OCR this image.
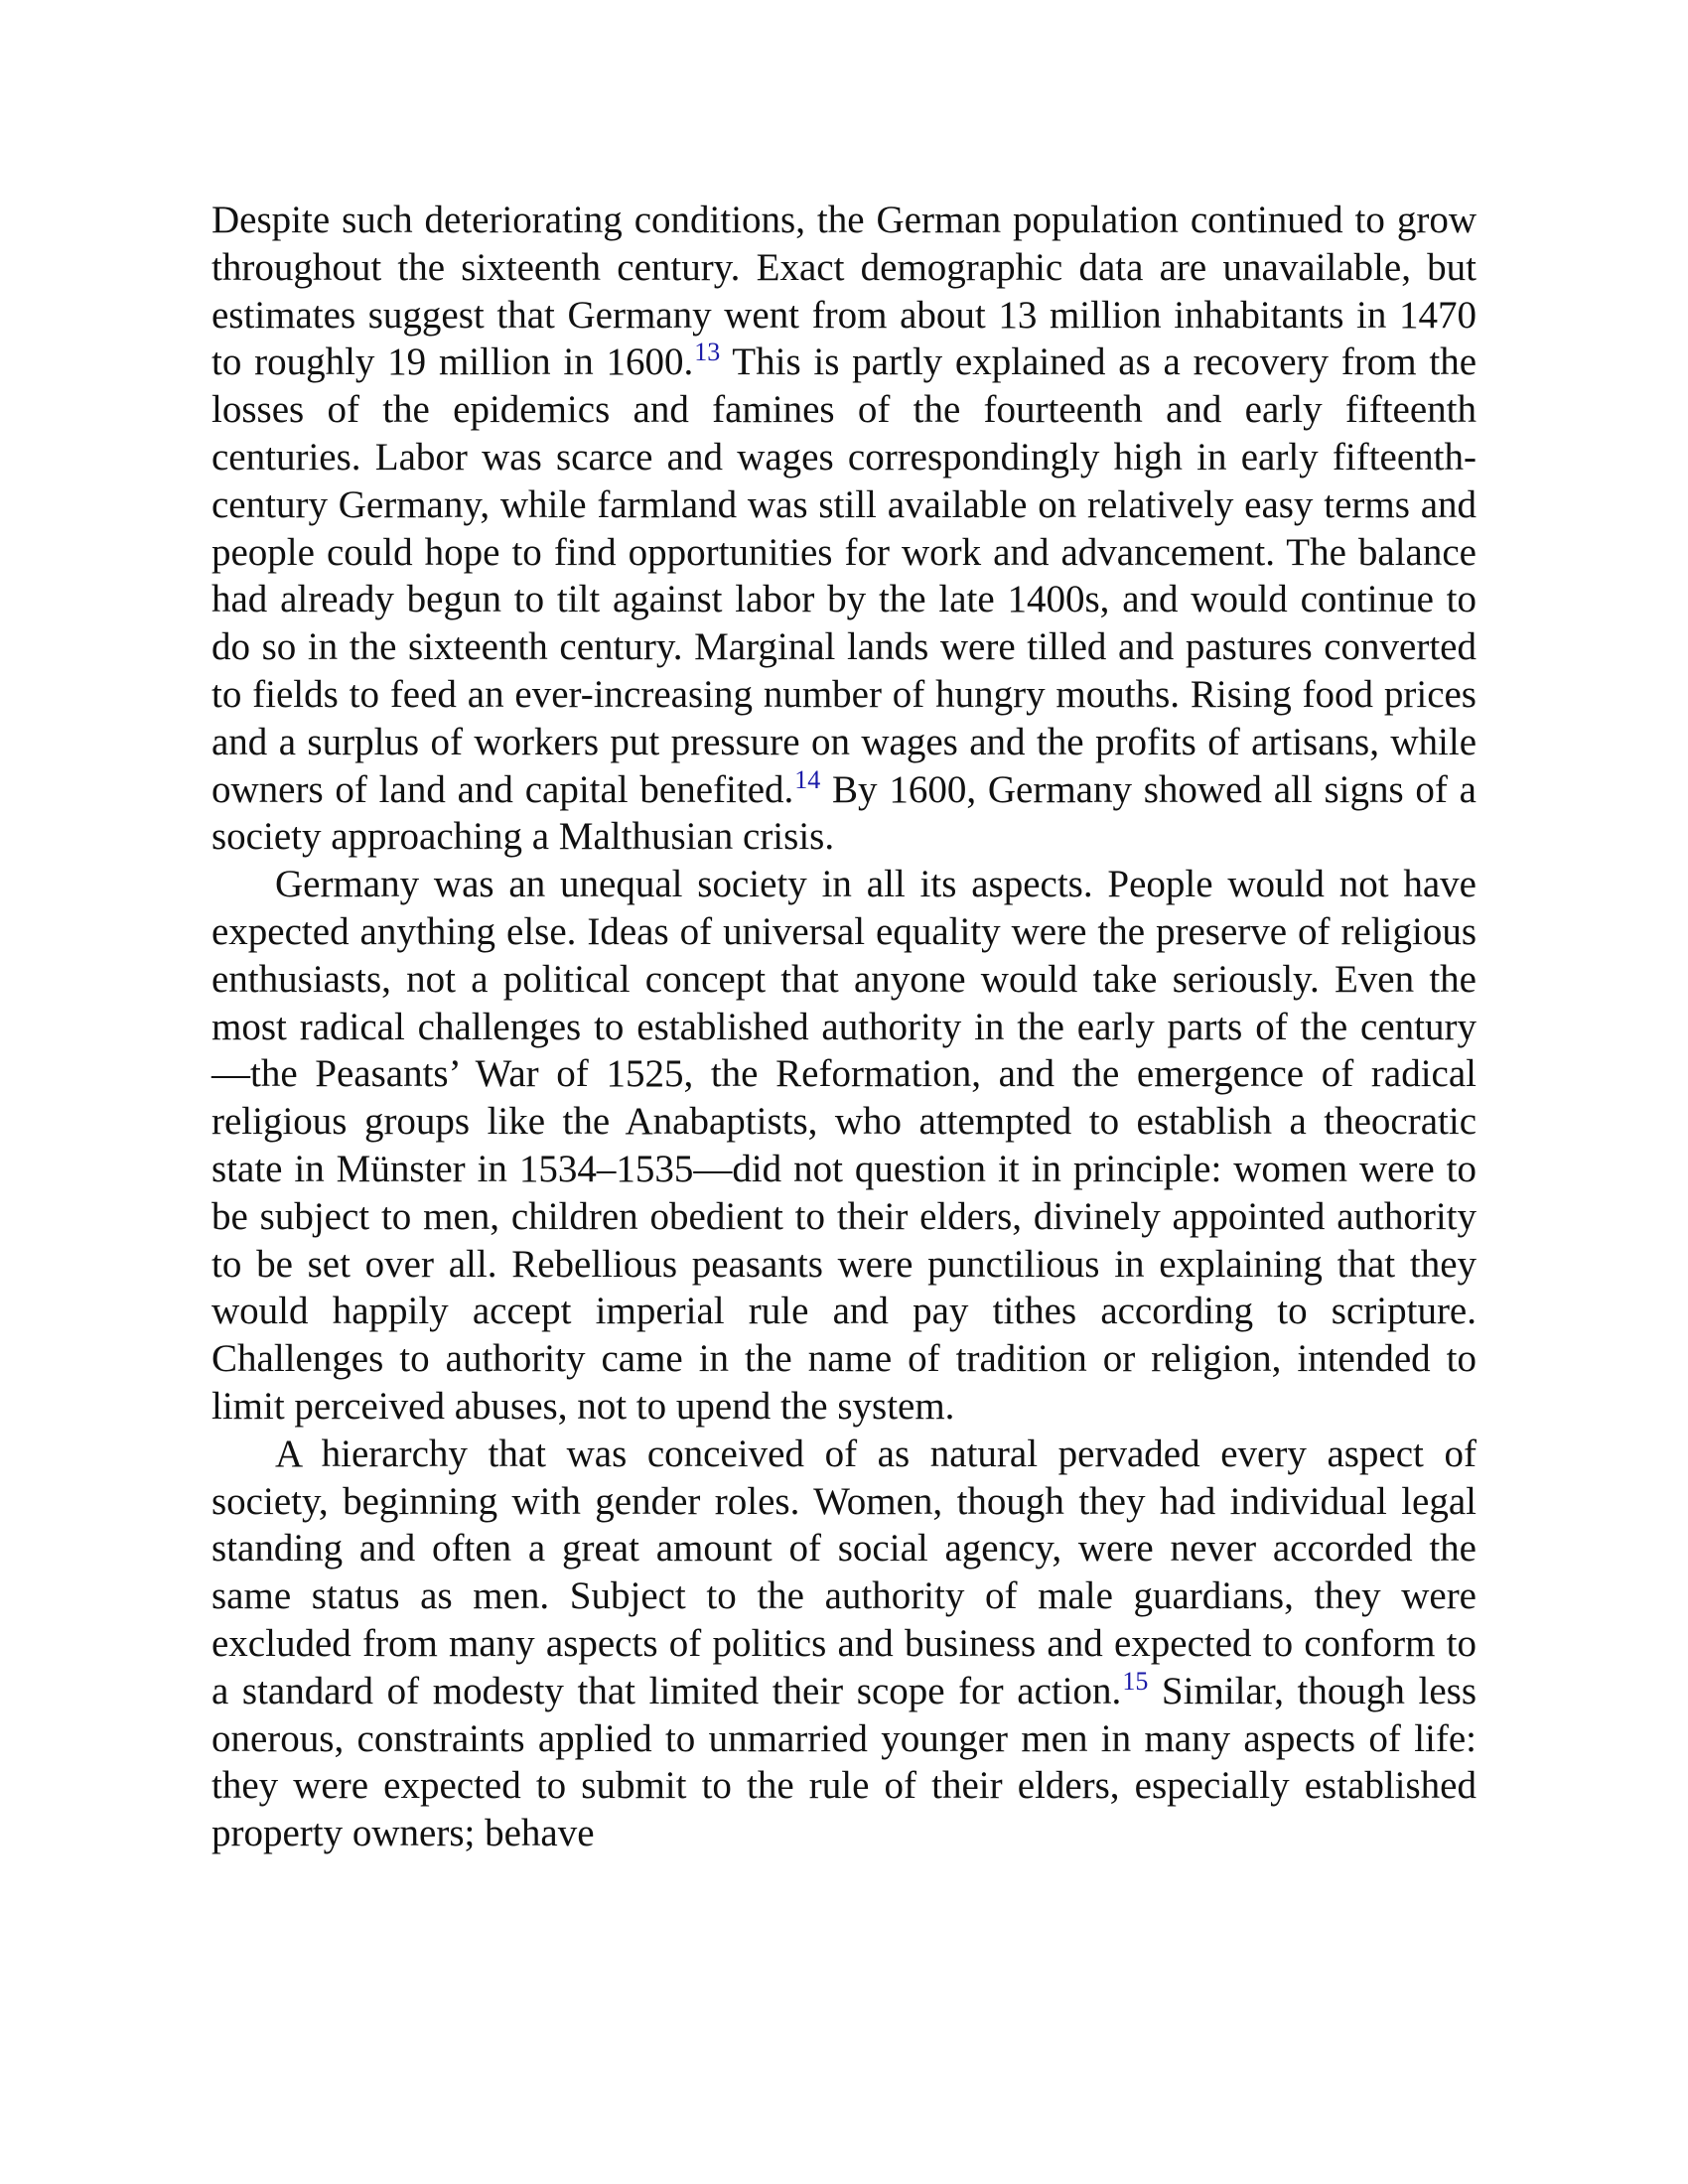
Despite such deteriorating conditions, the German population continued to grow throughout the sixteenth century. Exact demographic data are unavailable, but estimates suggest that Germany went from about 13 million inhabitants in 1470 to roughly 19 million in 1600.13 This is partly explained as a recovery from the losses of the epidemics and famines of the fourteenth and early fifteenth centuries. Labor was scarce and wages correspondingly high in early fifteenth-century Germany, while farmland was still available on relatively easy terms and people could hope to find opportunities for work and advancement. The balance had already begun to tilt against labor by the late 1400s, and would continue to do so in the sixteenth century. Marginal lands were tilled and pastures converted to fields to feed an ever-increasing number of hungry mouths. Rising food prices and a surplus of workers put pressure on wages and the profits of artisans, while owners of land and capital benefited.$^{14}$ By 1600, Germany showed all signs of a society approaching a Malthusian crisis.

Germany was an unequal society in all its aspects. People would not have expected anything else. Ideas of universal equality were the preserve of religious enthusiasts, not a political concept that anyone would take seriously. Even the most radical challenges to established authority in the early parts of the century—the Peasants’ War of 1525, the Reformation, and the emergence of radical religious groups like the Anabaptists, who attempted to establish a theocratic state in Münster in 1534–1535—did not question it in principle: women were to be subject to men, children obedient to their elders, divinely appointed authority to be set over all. Rebellious peasants were punctilious in explaining that they would happily accept imperial rule and pay tithes according to scripture. Challenges to authority came in the name of tradition or religion, intended to limit perceived abuses, not to upend the system.

A hierarchy that was conceived of as natural pervaded every aspect of society, beginning with gender roles. Women, though they had individual legal standing and often a great amount of social agency, were never accorded the same status as men. Subject to the authority of male guardians, they were excluded from many aspects of politics and business and expected to conform to a standard of modesty that limited their scope for action.$^{15}$ Similar, though less onerous, constraints applied to unmarried younger men in many aspects of life: they were expected to submit to the rule of their elders, especially established property owners; behave
